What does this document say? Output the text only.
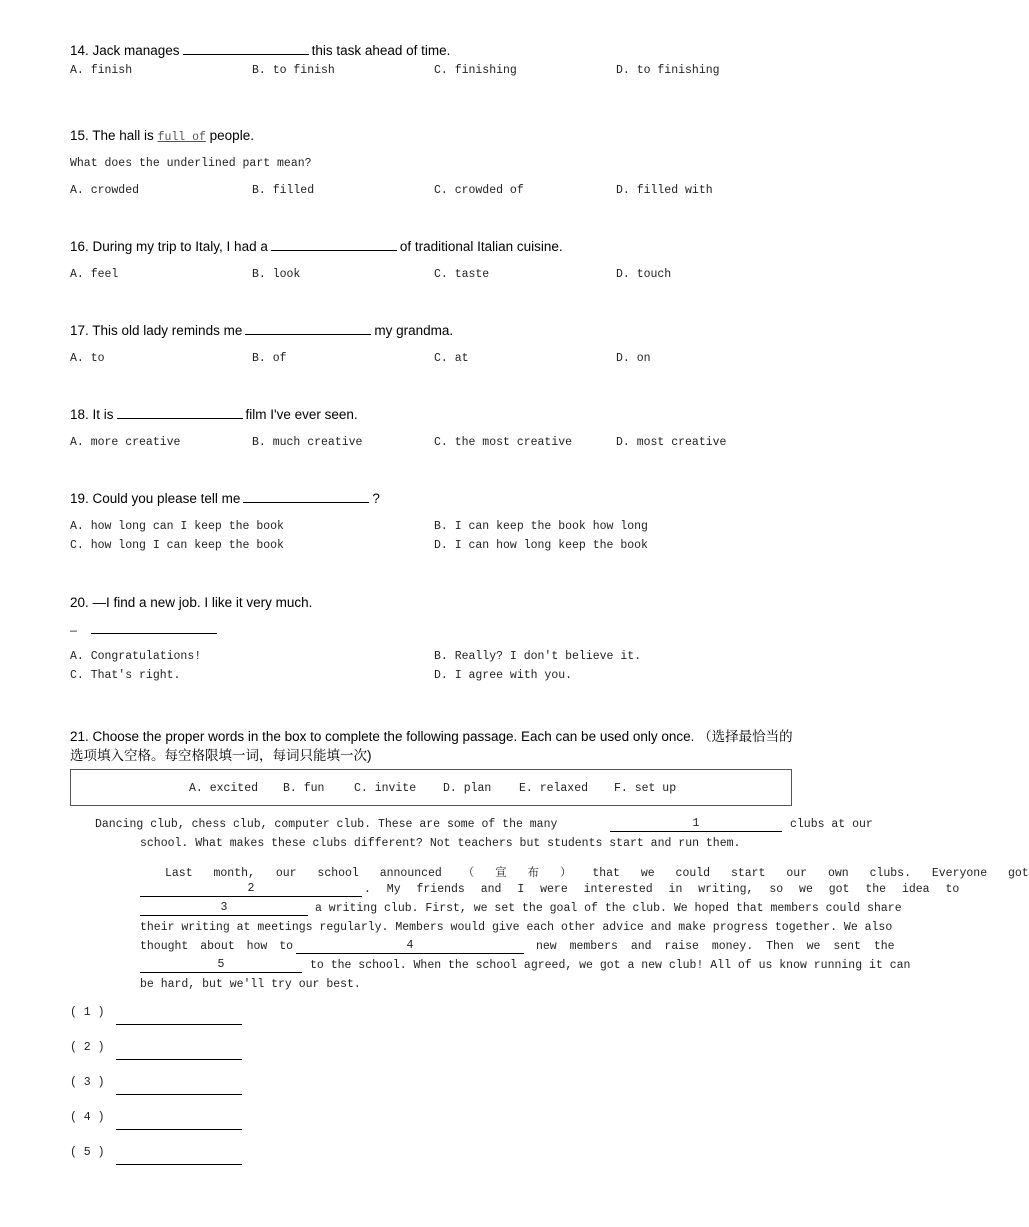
14. Jack manages	this task ahead of time.
A. finish	B. to finish	C. finishing	D. to finishing
15. The hall is full of people.
What does the underlined part mean?
A. crowded	B. filled	C. crowded of	D. filled with
16. During my trip to Italy, I had a	of traditional Italian cuisine.
A. feel	B. look	C. taste	D. touch
17. This old lady reminds me	my grandma.
A. to	B. of	C. at	D. on
18. It is	film I've ever seen.
A. more creative	B. much creative	C. the most creative	D. most creative
19. Could you please tell me	?
A. how long can I keep the book	B. I can keep the book how long
C. how long I can keep the book	D. I can how long keep the book
20. —I find a new job. I like it very much.
—
A. Congratulations!	B. Really? I don't believe it.
C. That's right.	D. I agree with you.
21. Choose the proper words in the box to complete the following passage. Each can be used only once. （选择最恰当的
选项填入空格。每空格限填一词，每词只能填一次)
A. excited B. fun	C. invite D. plan E. relaxed F. set up
Dancing club, chess club, computer club. These are some of the many	1	clubs at our
school. What makes these clubs different? Not teachers but students start and run them.
Last month, our school announced （ 宣 布 ） that we could start our own clubs. Everyone got
2	. My friends and I were interested in writing, so we got the idea to
3	a writing club. First, we set the goal of the club. We hoped that members could share
their writing at meetings regularly. Members would give each other advice and make progress together. We also
thought about how to	4	new members and raise money. Then we sent the
5	to the school. When the school agreed, we got a new club! All of us know running it can
be hard, but we'll try our best.
( 1 )
( 2 )
( 3 )
( 4 )
( 5 )
